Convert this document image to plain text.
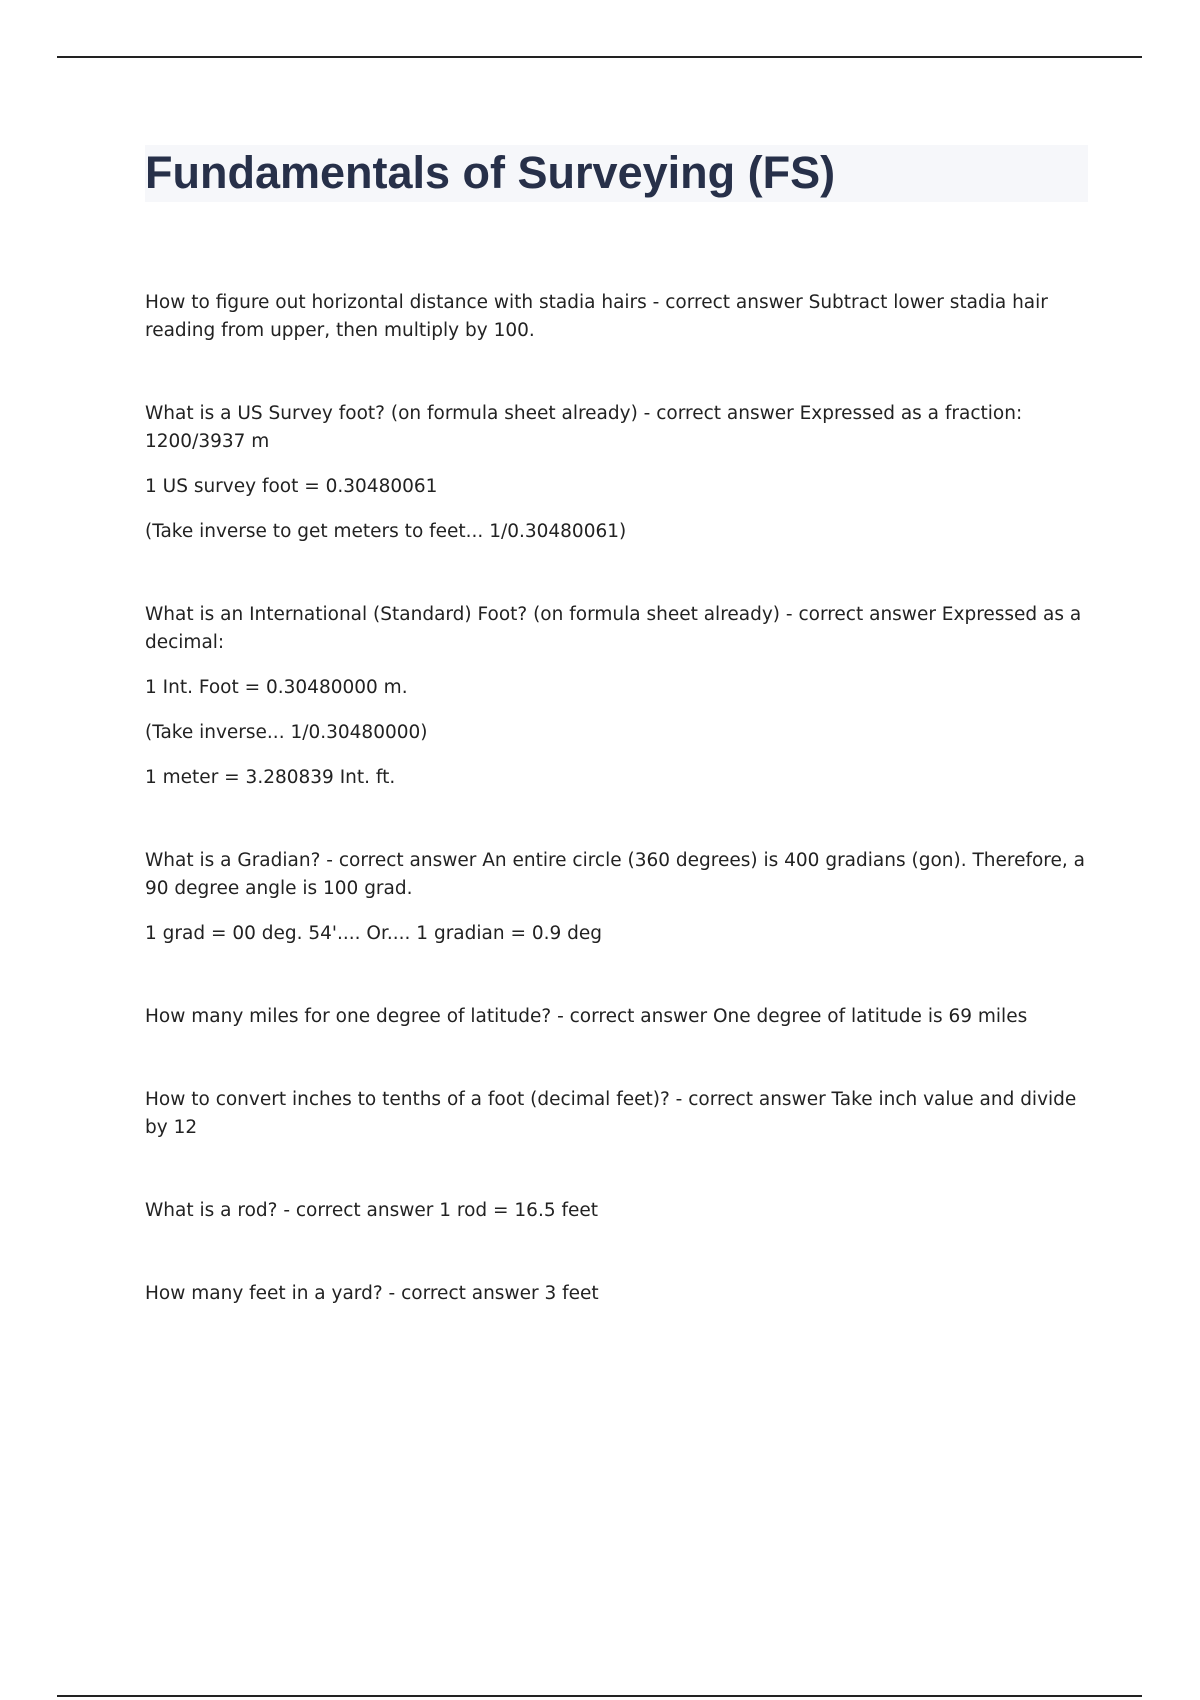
Fundamentals of Surveying (FS)

How to figure out horizontal distance with stadia hairs - correct answer Subtract lower stadia hair reading from upper, then multiply by 100.

What is a US Survey foot? (on formula sheet already) - correct answer Expressed as a fraction: 1200/3937 m

1 US survey foot = 0.30480061

(Take inverse to get meters to feet... 1/0.30480061)

What is an International (Standard) Foot? (on formula sheet already) - correct answer Expressed as a decimal:

1 Int. Foot = 0.30480000 m.

(Take inverse... 1/0.30480000)

1 meter = 3.280839 Int. ft.

What is a Gradian? - correct answer An entire circle (360 degrees) is 400 gradians (gon). Therefore, a 90 degree angle is 100 grad.

1 grad = 00 deg. 54'.... Or.... 1 gradian = 0.9 deg

How many miles for one degree of latitude? - correct answer One degree of latitude is 69 miles

How to convert inches to tenths of a foot (decimal feet)? - correct answer Take inch value and divide by 12

What is a rod? - correct answer 1 rod = 16.5 feet

How many feet in a yard? - correct answer 3 feet
